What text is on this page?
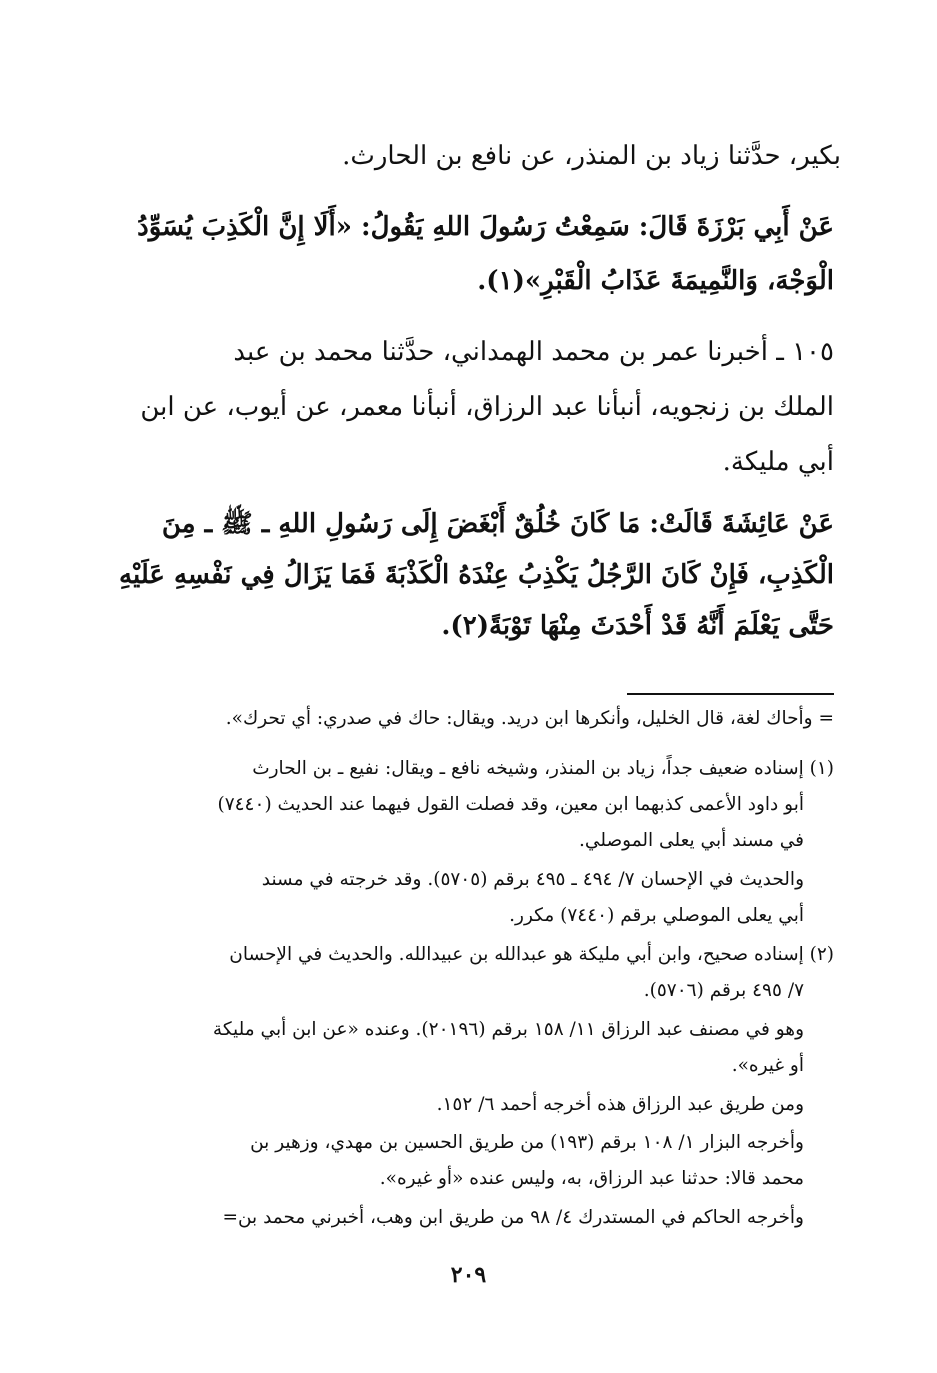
بكير، حدَّثنا زياد بن المنذر، عن نافع بن الحارث.
عَنْ أَبِي بَرْزَةَ قَالَ: سَمِعْتُ رَسُولَ اللهِ يَقُولُ: «أَلَا إِنَّ الْكَذِبَ يُسَوِّدُ
الْوَجْهَ، وَالنَّمِيمَةَ عَذَابُ الْقَبْرِ»(١).
١٠٥ ـ أخبرنا عمر بن محمد الهمداني، حدَّثنا محمد بن عبد
الملك بن زنجويه، أنبأنا عبد الرزاق، أنبأنا معمر، عن أيوب، عن ابن
أبي مليكة.
عَنْ عَائِشَةَ قَالَتْ: مَا كَانَ خُلُقٌ أَبْغَضَ إِلَى رَسُولِ اللهِ ـ ﷺ ـ مِنَ
الْكَذِبِ، فَإِنْ كَانَ الرَّجُلُ يَكْذِبُ عِنْدَهُ الْكَذْبَةَ فَمَا يَزَالُ فِي نَفْسِهِ عَلَيْهِ
حَتَّى يَعْلَمَ أَنَّهُ قَدْ أَحْدَثَ مِنْهَا تَوْبَةً(٢).
= وأحاك لغة، قال الخليل، وأنكرها ابن دريد. ويقال: حاك في صدري: أي تحرك».
(١) إسناده ضعيف جداً، زياد بن المنذر، وشيخه نافع ـ ويقال: نفيع ـ بن الحارث
أبو داود الأعمى كذبهما ابن معين، وقد فصلت القول فيهما عند الحديث (٧٤٤٠)
في مسند أبي يعلى الموصلي.
والحديث في الإحسان ٧/ ٤٩٤ ـ ٤٩٥ برقم (٥٧٠٥). وقد خرجته في مسند
أبي يعلى الموصلي برقم (٧٤٤٠) مكرر.
(٢) إسناده صحيح، وابن أبي مليكة هو عبدالله بن عبيدالله. والحديث في الإحسان
٧/ ٤٩٥ برقم (٥٧٠٦).
وهو في مصنف عبد الرزاق ١١/ ١٥٨ برقم (٢٠١٩٦). وعنده «عن ابن أبي مليكة
أو غيره».
ومن طريق عبد الرزاق هذه أخرجه أحمد ٦/ ١٥٢.
وأخرجه البزار ١/ ١٠٨ برقم (١٩٣) من طريق الحسين بن مهدي، وزهير بن
محمد قالا: حدثنا عبد الرزاق، به، وليس عنده «أو غيره».
وأخرجه الحاكم في المستدرك ٤/ ٩٨ من طريق ابن وهب، أخبرني محمد بن=
٢٠٩
